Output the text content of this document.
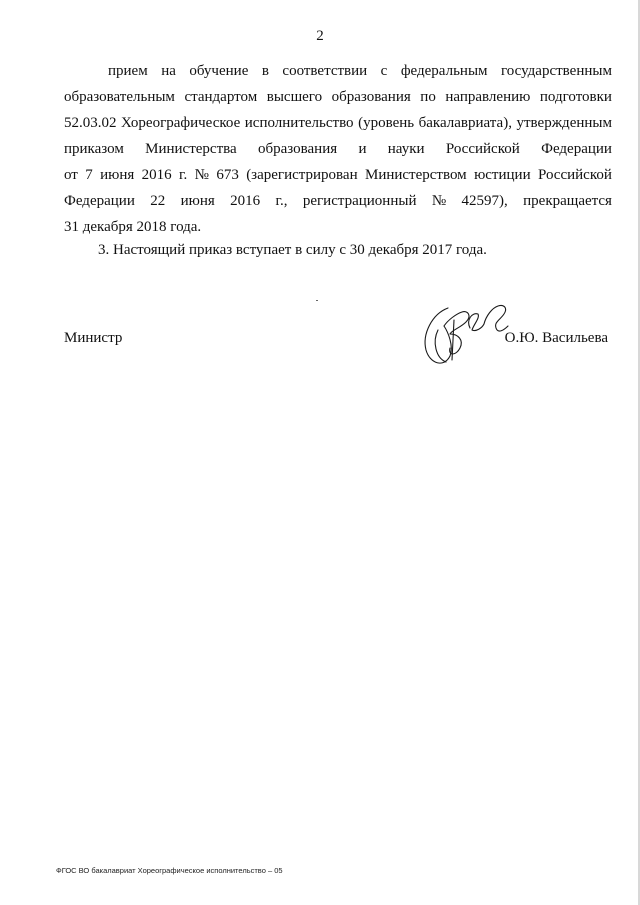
2
прием на обучение в соответствии с федеральным государственным
образовательным стандартом высшего образования по направлению подготовки
52.03.02 Хореографическое исполнительство (уровень бакалавриата), утвержденным
приказом Министерства образования и науки Российской Федерации
от 7 июня 2016 г. № 673 (зарегистрирован Министерством юстиции Российской
Федерации 22 июня 2016 г., регистрационный № 42597), прекращается
31 декабря 2018 года.
3. Настоящий приказ вступает в силу с 30 декабря 2017 года.
Министр	О.Ю. Васильева
ФГОС ВО бакалавриат Хореографическое исполнительство – 05
